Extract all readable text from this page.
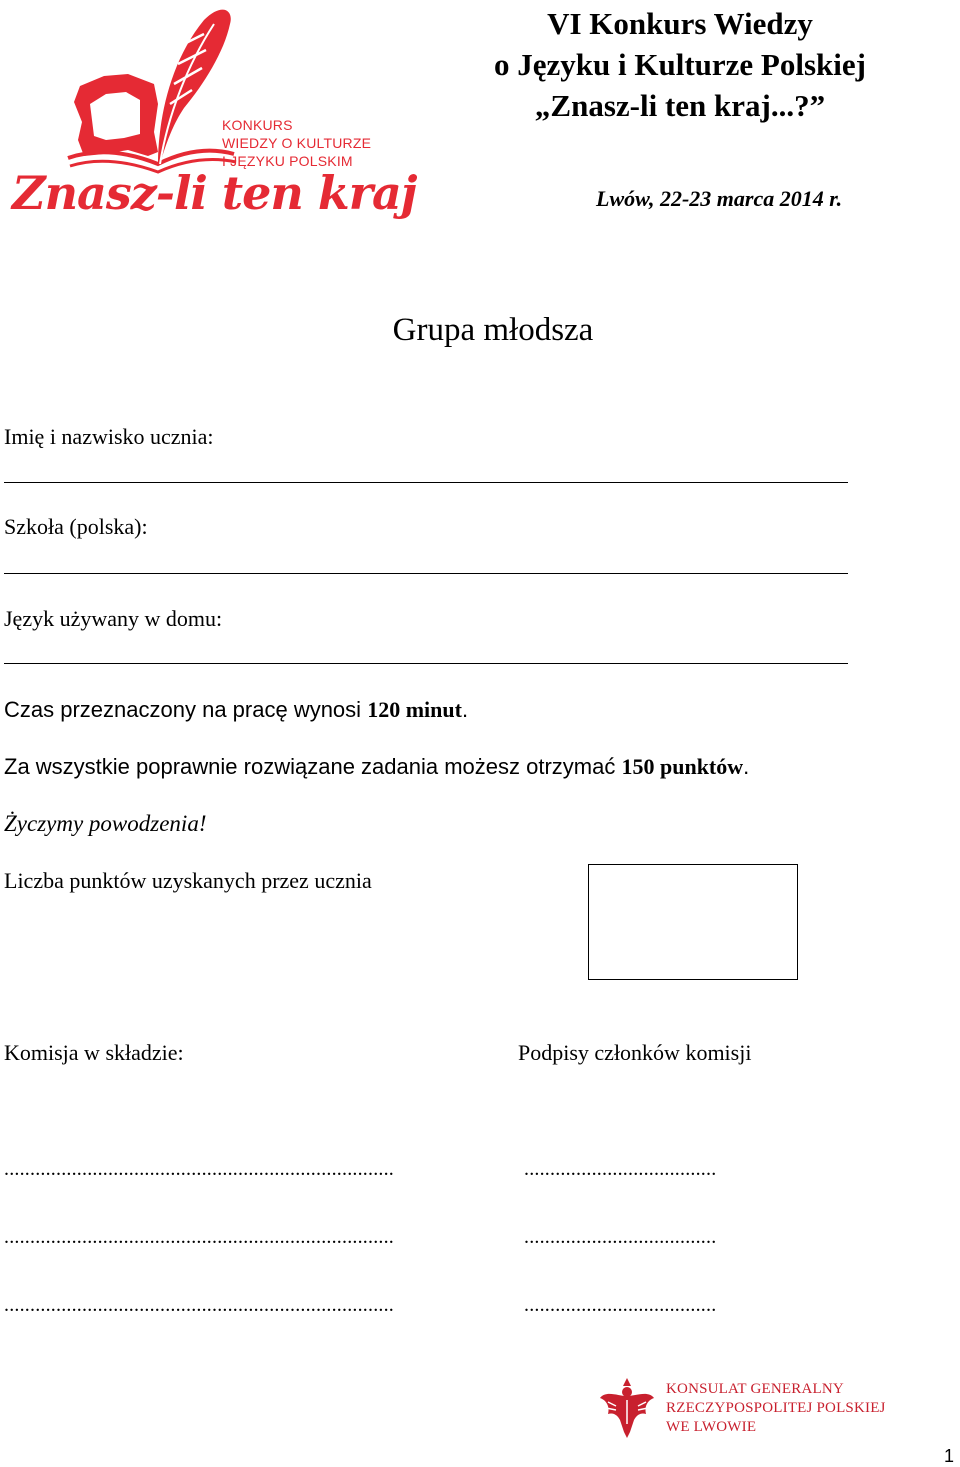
KONKURS
WIEDZY O KULTURZE
I JĘZYKU POLSKIM
Znasz-li ten kraj
VI Konkurs Wiedzy
o Języku i Kulturze Polskiej
„Znasz-li ten kraj...?”
Lwów, 22-23 marca 2014 r.
Grupa młodsza
Imię i nazwisko ucznia:
Szkoła (polska):
Język używany w domu:
Czas przeznaczony na pracę wynosi 120 minut.
Za wszystkie poprawnie rozwiązane zadania możesz otrzymać 150 punktów.
Życzymy powodzenia!
Liczba punktów uzyskanych przez ucznia
Komisja w składzie:	Podpisy członków komisji
...........................................................................	.....................................
...........................................................................	.....................................
...........................................................................	.....................................
KONSULAT GENERALNY
RZECZYPOSPOLITEJ POLSKIEJ
WE LWOWIE
1
